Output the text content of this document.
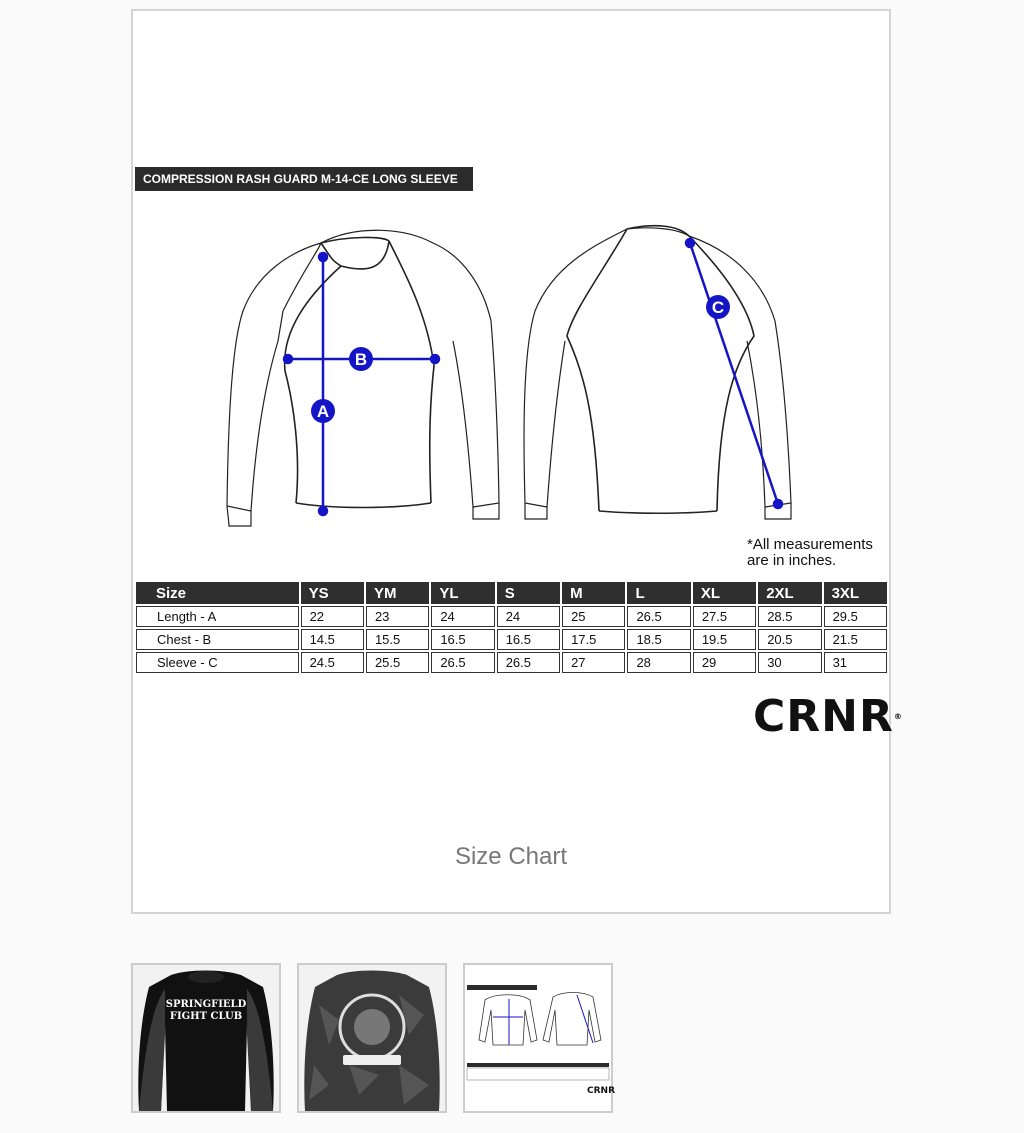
COMPRESSION RASH GUARD M-14-CE LONG SLEEVE
B
A
C
*All measurements
are in inches.
Size	YS	YM	YL	S	M	L	XL	2XL	3XL
Length - A	22	23	24	24	25	26.5	27.5	28.5	29.5
Chest - B	14.5	15.5	16.5	16.5	17.5	18.5	19.5	20.5	21.5
Sleeve - C	24.5	25.5	26.5	26.5	27	28	29	30	31
CRNR®
Size Chart
SPRINGFIELD
FIGHT CLUB
CRNR
